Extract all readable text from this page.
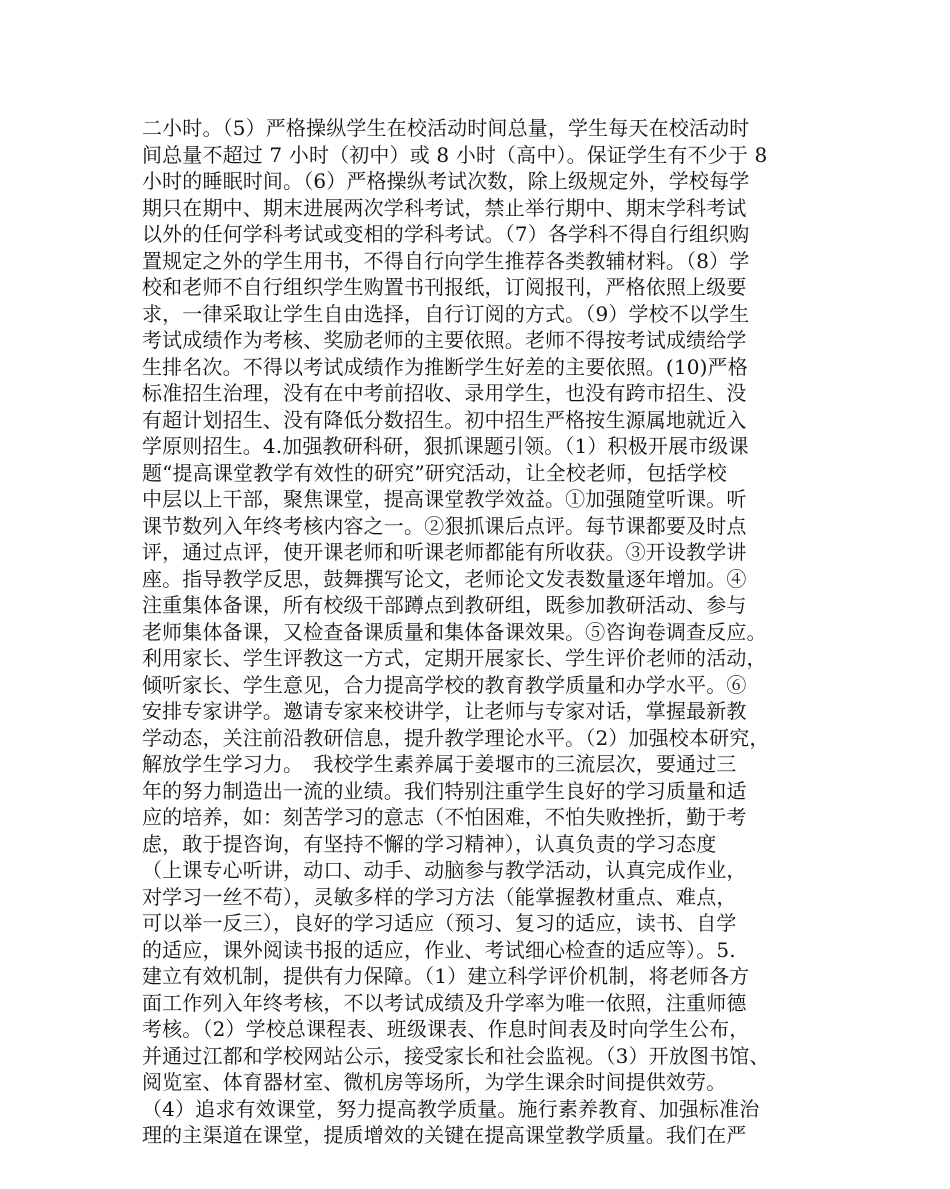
二小时。（5）严格操纵学生在校活动时间总量，学生每天在校活动时
间总量不超过 7 小时（初中）或 8 小时（高中）。保证学生有不少于 8
小时的睡眠时间。（6）严格操纵考试次数，除上级规定外，学校每学
期只在期中、期末进展两次学科考试，禁止举行期中、期末学科考试
以外的任何学科考试或变相的学科考试。（7）各学科不得自行组织购
置规定之外的学生用书，不得自行向学生推荐各类教辅材料。（8）学
校和老师不自行组织学生购置书刊报纸，订阅报刊，严格依照上级要
求，一律采取让学生自由选择，自行订阅的方式。（9）学校不以学生
考试成绩作为考核、奖励老师的主要依照。老师不得按考试成绩给学
生排名次。不得以考试成绩作为推断学生好差的主要依照。(10)严格
标准招生治理，没有在中考前招收、录用学生，也没有跨市招生、没
有超计划招生、没有降低分数招生。初中招生严格按生源属地就近入
学原则招生。4.加强教研科研，狠抓课题引领。（1）积极开展市级课
题“提高课堂教学有效性的研究”研究活动，让全校老师，包括学校
中层以上干部，聚焦课堂，提高课堂教学效益。①加强随堂听课。听
课节数列入年终考核内容之一。②狠抓课后点评。每节课都要及时点
评，通过点评，使开课老师和听课老师都能有所收获。③开设教学讲
座。指导教学反思，鼓舞撰写论文，老师论文发表数量逐年增加。④
注重集体备课，所有校级干部蹲点到教研组，既参加教研活动、参与
老师集体备课，又检查备课质量和集体备课效果。⑤咨询卷调查反应。
利用家长、学生评教这一方式，定期开展家长、学生评价老师的活动，
倾听家长、学生意见，合力提高学校的教育教学质量和办学水平。⑥
安排专家讲学。邀请专家来校讲学，让老师与专家对话，掌握最新教
学动态，关注前沿教研信息，提升教学理论水平。（2）加强校本研究，
解放学生学习力。　我校学生素养属于姜堰市的三流层次，要通过三
年的努力制造出一流的业绩。我们特别注重学生良好的学习质量和适
应的培养，如：刻苦学习的意志（不怕困难，不怕失败挫折，勤于考
虑，敢于提咨询，有坚持不懈的学习精神），认真负责的学习态度
（上课专心听讲，动口、动手、动脑参与教学活动，认真完成作业，
对学习一丝不苟），灵敏多样的学习方法（能掌握教材重点、难点，
可以举一反三），良好的学习适应（预习、复习的适应，读书、自学
的适应，课外阅读书报的适应，作业、考试细心检查的适应等）。5.
建立有效机制，提供有力保障。（1）建立科学评价机制，将老师各方
面工作列入年终考核，不以考试成绩及升学率为唯一依照，注重师德
考核。（2）学校总课程表、班级课表、作息时间表及时向学生公布，
并通过江都和学校网站公示，接受家长和社会监视。（3）开放图书馆、
阅览室、体育器材室、微机房等场所，为学生课余时间提供效劳。
（4）追求有效课堂，努力提高教学质量。施行素养教育、加强标准治
理的主渠道在课堂，提质增效的关键在提高课堂教学质量。我们在严
